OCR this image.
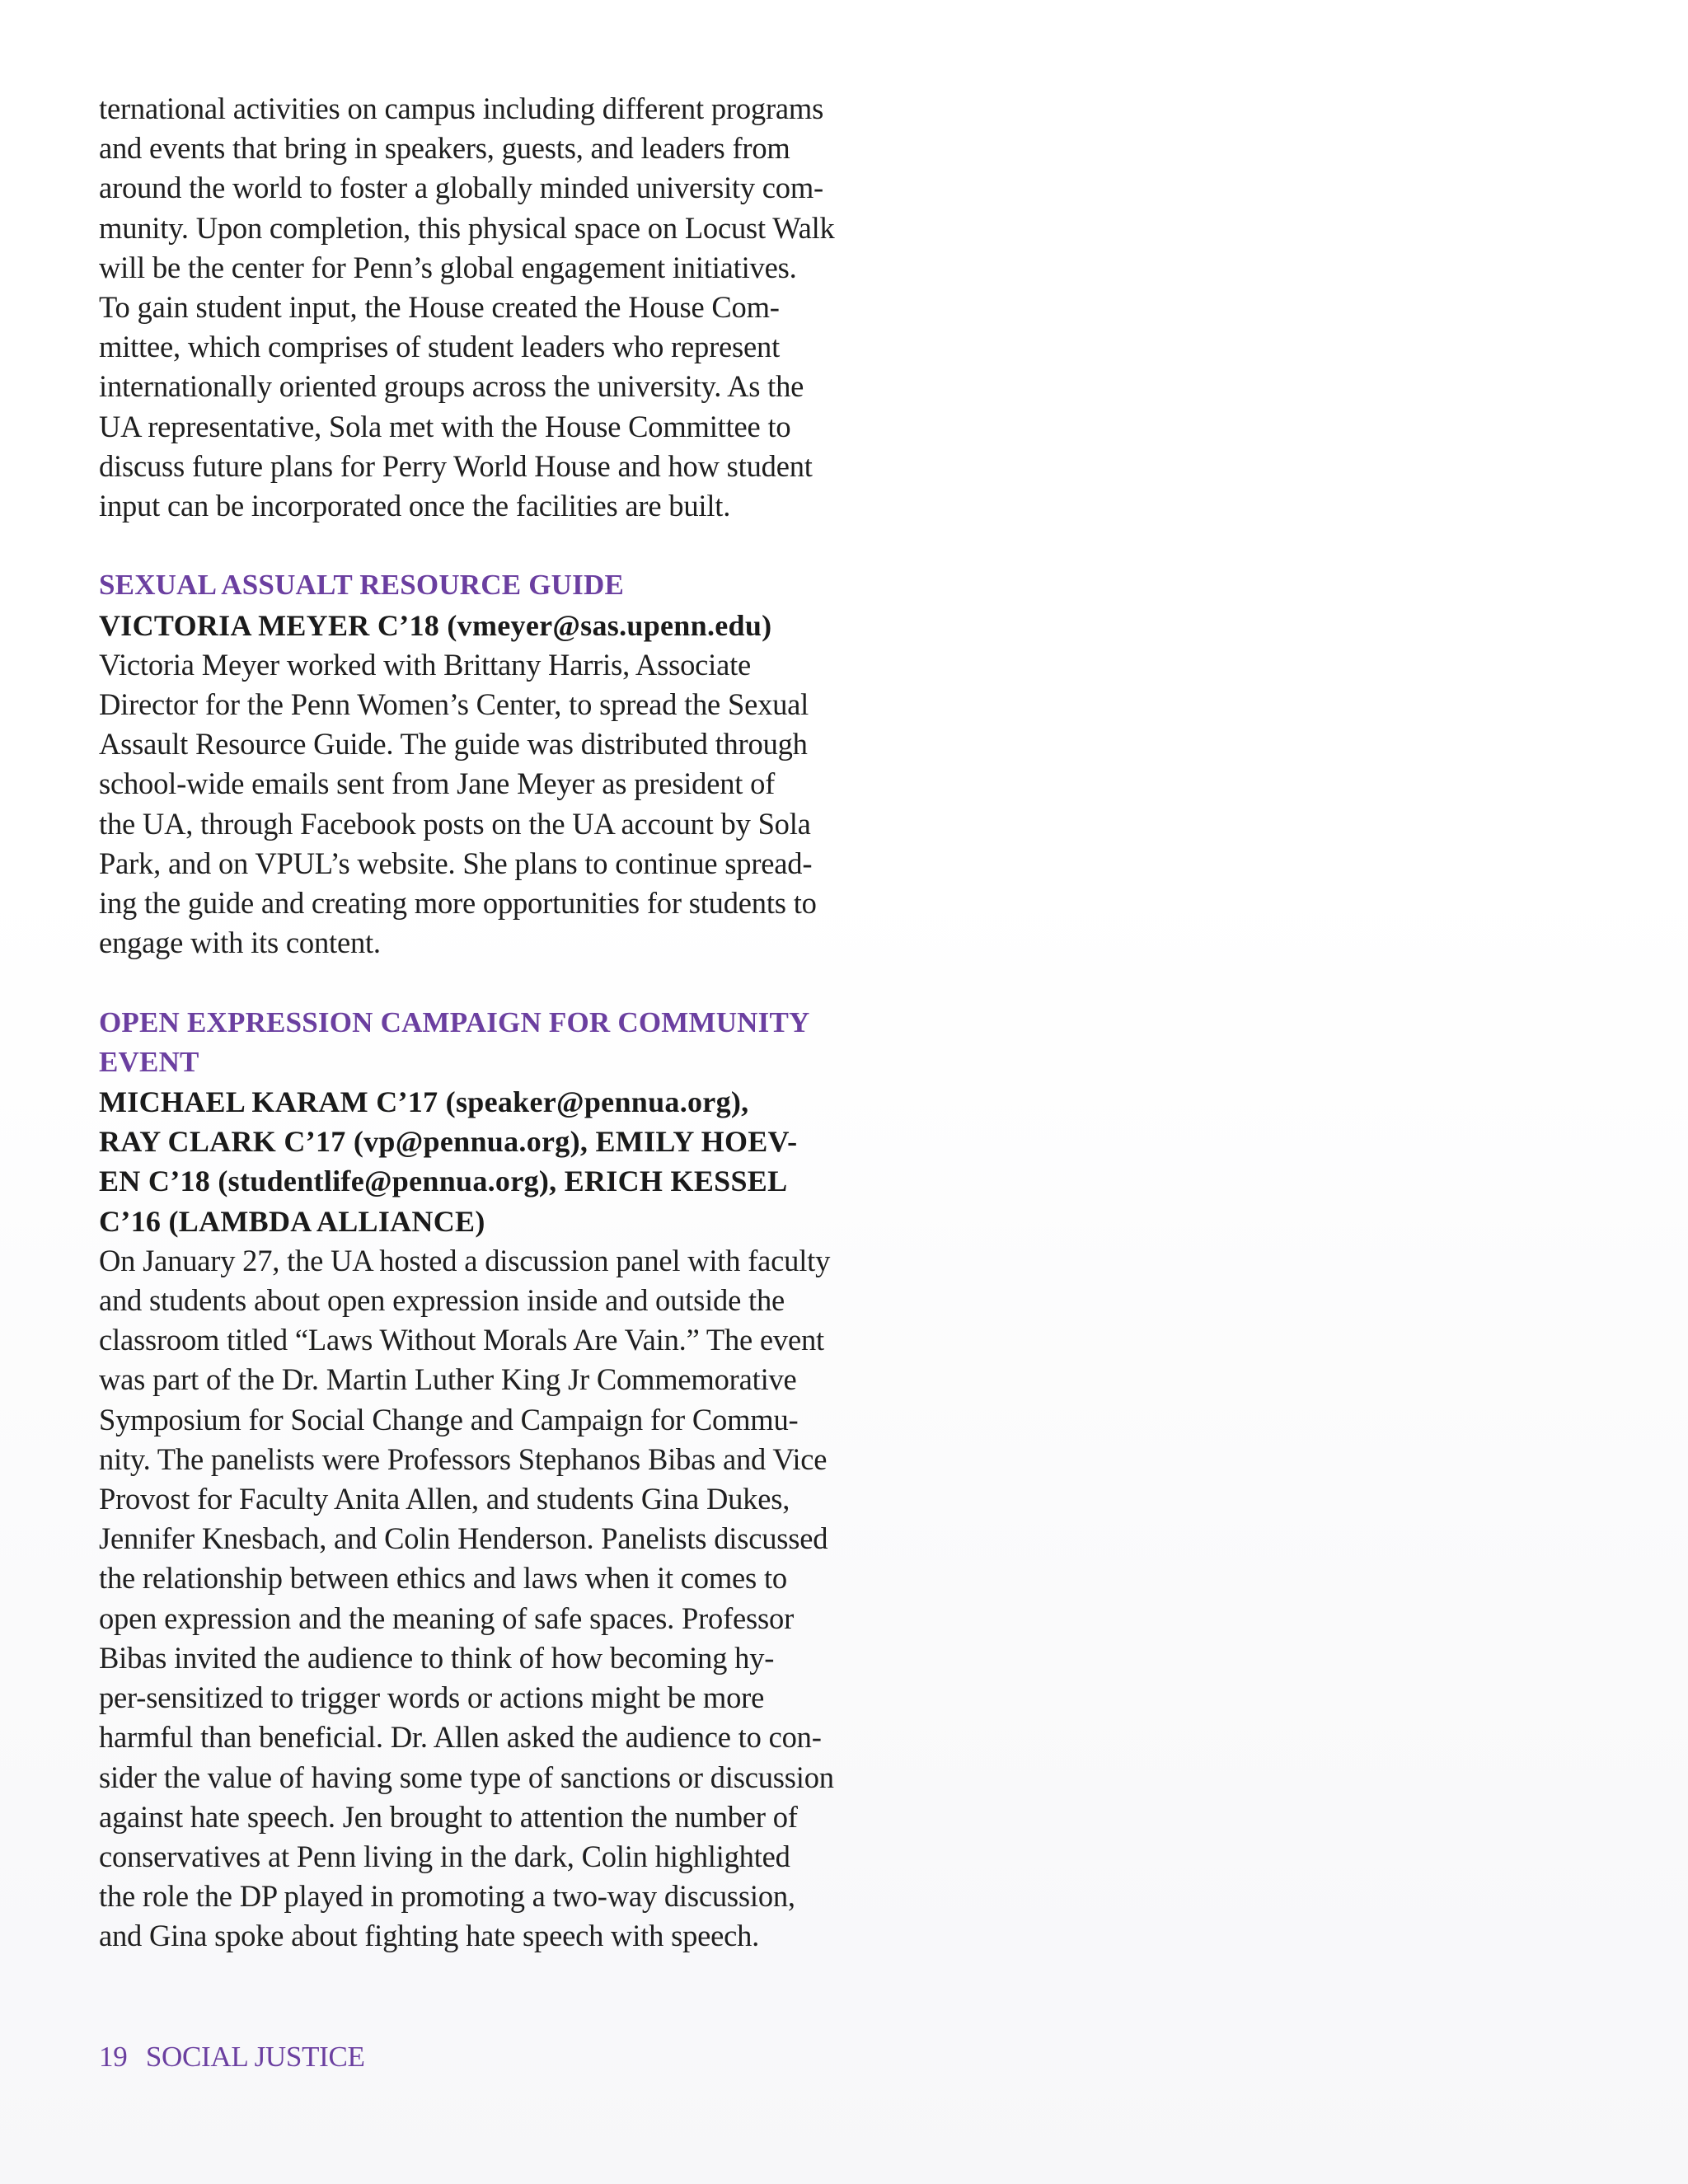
ternational activities on campus including different programs
and events that bring in speakers, guests, and leaders from
around the world to foster a globally minded university com-
munity. Upon completion, this physical space on Locust Walk
will be the center for Penn’s global engagement initiatives.
To gain student input, the House created the House Com-
mittee, which comprises of student leaders who represent
internationally oriented groups across the university. As the
UA representative, Sola met with the House Committee to
discuss future plans for Perry World House and how student
input can be incorporated once the facilities are built.

SEXUAL ASSUALT RESOURCE GUIDE

VICTORIA MEYER C’18 (vmeyer@sas.upenn.edu)

Victoria Meyer worked with Brittany Harris, Associate
Director for the Penn Women’s Center, to spread the Sexual
Assault Resource Guide. The guide was distributed through
school-wide emails sent from Jane Meyer as president of
the UA, through Facebook posts on the UA account by Sola
Park, and on VPUL’s website. She plans to continue spread-
ing the guide and creating more opportunities for students to
engage with its content.

OPEN EXPRESSION CAMPAIGN FOR COMMUNITY
EVENT

MICHAEL KARAM C’17 (speaker@pennua.org),
RAY CLARK C’17 (vp@pennua.org), EMILY HOEV-
EN C’18 (studentlife@pennua.org), ERICH KESSEL
C’16 (LAMBDA ALLIANCE)

On January 27, the UA hosted a discussion panel with faculty
and students about open expression inside and outside the
classroom titled “Laws Without Morals Are Vain.” The event
was part of the Dr. Martin Luther King Jr Commemorative
Symposium for Social Change and Campaign for Commu-
nity. The panelists were Professors Stephanos Bibas and Vice
Provost for Faculty Anita Allen, and students Gina Dukes,
Jennifer Knesbach, and Colin Henderson. Panelists discussed
the relationship between ethics and laws when it comes to
open expression and the meaning of safe spaces. Professor
Bibas invited the audience to think of how becoming hy-
per-sensitized to trigger words or actions might be more
harmful than beneficial. Dr. Allen asked the audience to con-
sider the value of having some type of sanctions or discussion
against hate speech. Jen brought to attention the number of
conservatives at Penn living in the dark, Colin highlighted
the role the DP played in promoting a two-way discussion,
and Gina spoke about fighting hate speech with speech.

19 SOCIAL JUSTICE
